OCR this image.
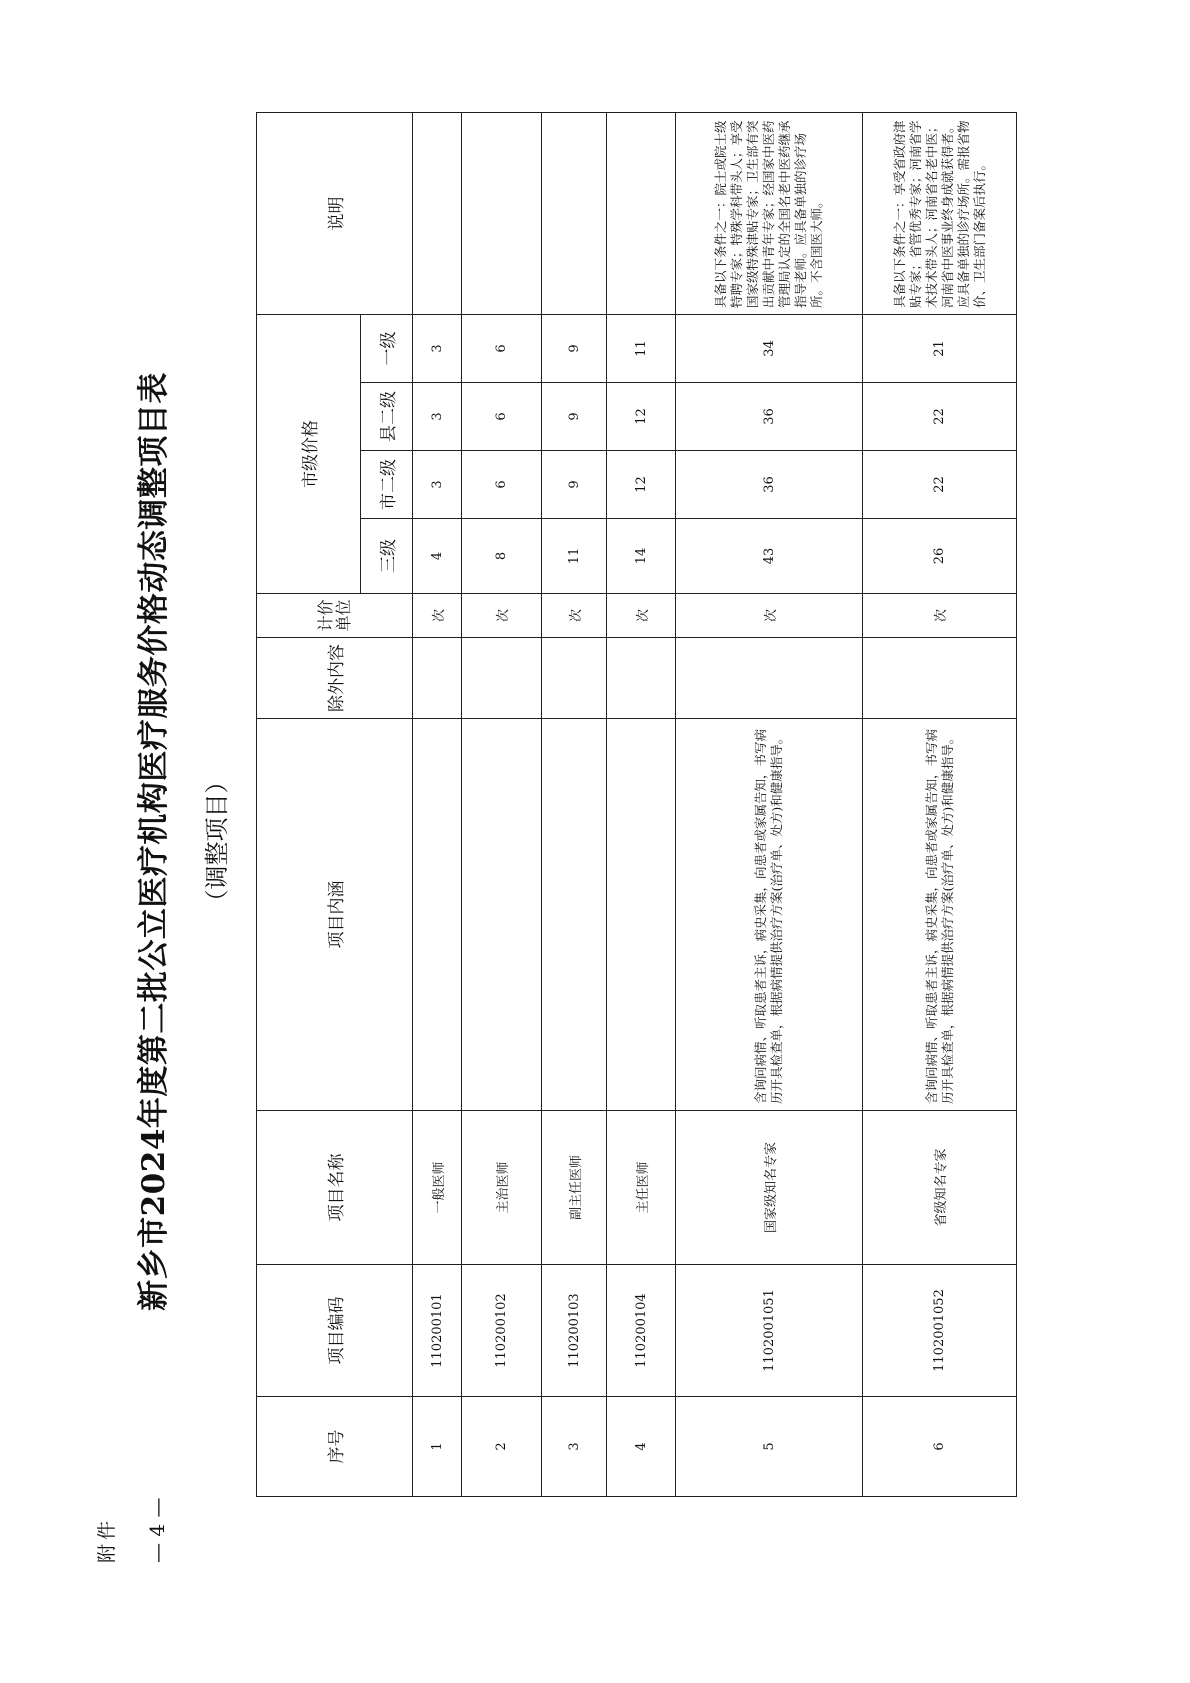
附件 — 4 —
新乡市2024年度第二批公立医疗机构医疗服务价格动态调整项目表 （调整项目）
序号	项目编码	项目名称	项目内涵	除外内容	计价单位	市级价格				说明
						三级	市二级	县二级	一级	
1	110200101	一般医师			次	4	3	3	3	
2	110200102	主治医师			次	8	6	6	6	
3	110200103	副主任医师			次	11	9	9	9	
4	110200104	主任医师			次	14	12	12	11	
5	1102001051	国家级知名专家	含询问病情、听取患者主诉，病史采集，向患者或家属告知，书写病历开具检查单，根据病情提供治疗方案(治疗单、处方)和健康指导。		次	43	36	36	34	具备以下条件之一：院士或院士级特聘专家；特殊学科带头人；享受国家级特殊津贴专家；卫生部有突出贡献中青年专家；经国家中医药管理局认定的全国名老中医药继承指导老师。应具备单独的诊疗场所。不含国医大师。
6	1102001052	省级知名专家	含询问病情、听取患者主诉，病史采集，向患者或家属告知，书写病历开具检查单，根据病情提供治疗方案(治疗单、处方)和健康指导。		次	26	22	22	21	具备以下条件之一：享受省政府津贴专家；省管优秀专家；河南省学术技术带头人；河南省名老中医；河南省中医事业终身成就获得者。应具备单独的诊疗场所。需报省物价、卫生部门备案后执行。
